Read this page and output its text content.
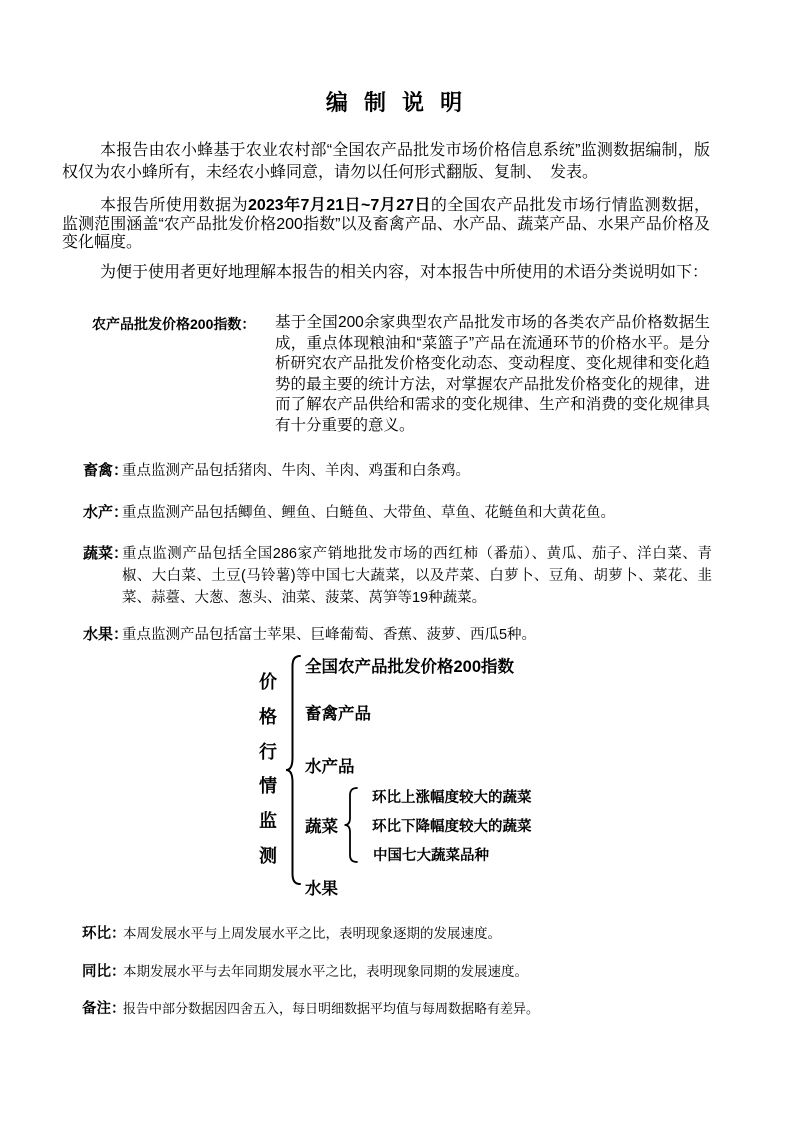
编 制 说 明

本报告由农小蜂基于农业农村部“全国农产品批发市场价格信息系统”监测数据编制，版权仅为农小蜂所有，未经农小蜂同意，请勿以任何形式翻版、复制、　发表。

本报告所使用数据为2023年7月21日~7月27日的全国农产品批发市场行情监测数据，监测范围涵盖“农产品批发价格200指数”以及畜禽产品、水产品、蔬菜产品、水果产品价格及变化幅度。

为便于使用者更好地理解本报告的相关内容，对本报告中所使用的术语分类说明如下：

农产品批发价格200指数： 基于全国200余家典型农产品批发市场的各类农产品价格数据生成，重点体现粮油和“菜篮子”产品在流通环节的价格水平。是分析研究农产品批发价格变化动态、变动程度、变化规律和变化趋势的最主要的统计方法，对掌握农产品批发价格变化的规律，进而了解农产品供给和需求的变化规律、生产和消费的变化规律具有十分重要的意义。
畜禽：
重点监测产品包括猪肉、牛肉、羊肉、鸡蛋和白条鸡。
水产：
重点监测产品包括鲫鱼、鲤鱼、白鲢鱼、大带鱼、草鱼、花鲢鱼和大黄花鱼。
蔬菜：
重点监测产品包括全国286家产销地批发市场的西红柿（番茄）、黄瓜、茄子、洋白菜、青椒、大白菜、土豆(马铃薯)等中国七大蔬菜，以及芹菜、白萝卜、豆角、胡萝卜、菜花、韭菜、蒜薹、大葱、葱头、油菜、菠菜、莴笋等19种蔬菜。
水果：
重点监测产品包括富士苹果、巨峰葡萄、香蕉、菠萝、西瓜5种。
价
格
行
情
监
测
全国农产品批发价格200指数
畜禽产品
水产品
蔬菜
水果
环比上涨幅度较大的蔬菜
环比下降幅度较大的蔬菜
中国七大蔬菜品种
环比：
本周发展水平与上周发展水平之比，表明现象逐期的发展速度。
同比：
本期发展水平与去年同期发展水平之比，表明现象同期的发展速度。
备注：
报告中部分数据因四舍五入，每日明细数据平均值与每周数据略有差异。
